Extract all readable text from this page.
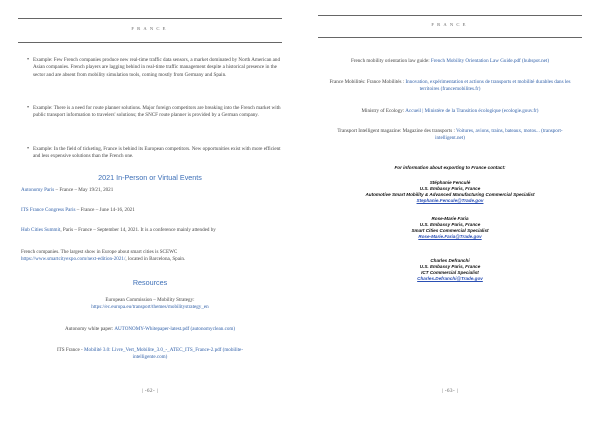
FRANCE
• Example: Few French companies produce new real-time traffic data sensors, a market dominated by North American and Asian companies. French players are lagging behind in real-time traffic management despite a historical presence in the sector and are absent from mobility simulation tools, coming mostly from Germany and Spain.

• Example: There is a need for route planner solutions. Major foreign competitors are breaking into the French market with public transport information to travelers' solutions; the SNCF route planner is provided by a German company.

• Example: In the field of ticketing, France is behind its European competitors. New opportunities exist with more efficient and less expensive solutions than the French one.

2021 In-Person or Virtual Events

Autonomy Paris – France – May 19/21, 2021

ITS France Congress Paris – France – June 14-16, 2021

Hub Cities Summit, Paris – France – September 14, 2021. It is a conference mainly attended by

French companies. The largest show in Europe about smart cities is SCEWC
https://www.smartcityexpo.com/next-edition-2021/, located in Barcelona, Spain.

Resources

European Commission – Mobility Strategy:
https://ec.europa.eu/transport/themes/mobilitystrategy_en

Autonomy white paper: AUTONOMY-Whitepaper-latest.pdf (autonomyclean.com)

ITS France - Mobilité 3.0: Livre_Vert_Mobilite_3.0_-_ATEC_ITS_France-2.pdf (mobilite-intelligente.com)

| -62- |
FRANCE

French mobility orientation law guide: French Mobility Orientation Law Guide.pdf (hubspot.net)

France Mobilités: France Mobilités : Innovation, expérimentation et actions de transports et mobilité durables dans les territoires (francemobilites.fr)

Ministry of Ecology: Accueil | Ministère de la Transition écologique (ecologie.gouv.fr)

Transport Intelligent magazine: Magazine des transports : Voitures, avions, trains, bateaux, motos... (transport-intelligent.net)

For information about exporting to France contact:
Stéphanie Fenculé
U.S. Embassy Paris, France
Automotive Smart Mobility & Advanced Manufacturing Commercial Specialist
Stephanie.Fencule@Trade.gov
Rose-Marie Faria
U.S. Embassy Paris, France
Smart Cities Commercial Specialist
Rose-Marie.Faria@Trade.gov
Charles Defranchi
U.S. Embassy Paris, France
ICT Commercial Specialist
Charles.Defranchi@Trade.gov
| -63- |
